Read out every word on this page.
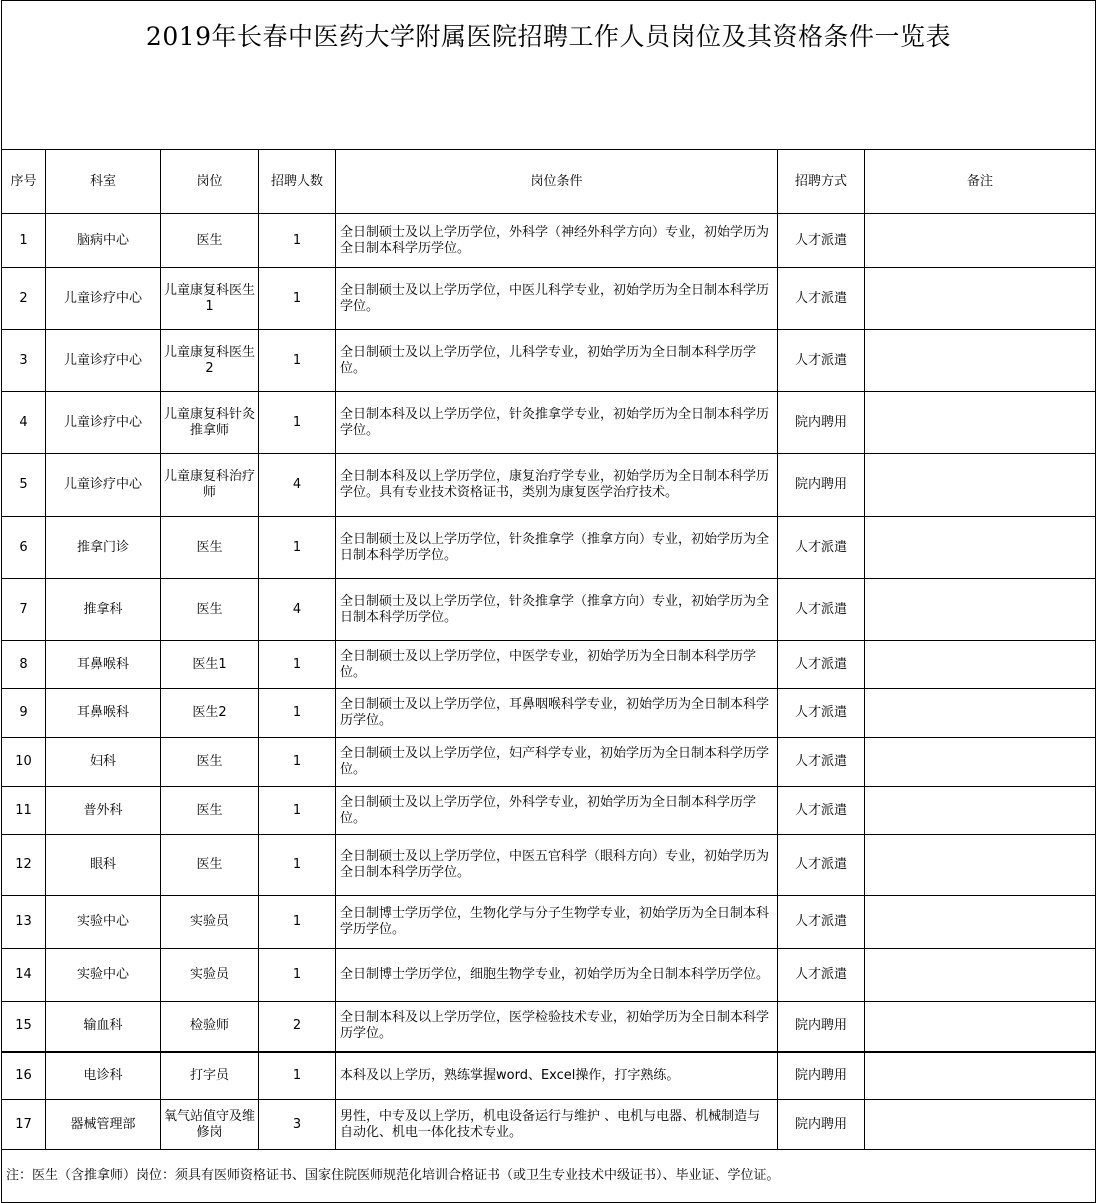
2019年长春中医药大学附属医院招聘工作人员岗位及其资格条件一览表						
序号	科室	岗位	招聘人数	岗位条件	招聘方式	备注
1	脑病中心	医生	1	全日制硕士及以上学历学位，外科学（神经外科学方向）专业，初始学历为全日制本科学历学位。	人才派遣	
2	儿童诊疗中心	儿童康复科医生1	1	全日制硕士及以上学历学位，中医儿科学专业，初始学历为全日制本科学历学位。	人才派遣	
3	儿童诊疗中心	儿童康复科医生2	1	全日制硕士及以上学历学位，儿科学专业，初始学历为全日制本科学历学位。	人才派遣	
4	儿童诊疗中心	儿童康复科针灸推拿师	1	全日制本科及以上学历学位，针灸推拿学专业，初始学历为全日制本科学历学位。	院内聘用	
5	儿童诊疗中心	儿童康复科治疗师	4	全日制本科及以上学历学位，康复治疗学专业，初始学历为全日制本科学历学位。具有专业技术资格证书，类别为康复医学治疗技术。	院内聘用	
6	推拿门诊	医生	1	全日制硕士及以上学历学位，针灸推拿学（推拿方向）专业，初始学历为全日制本科学历学位。	人才派遣	
7	推拿科	医生	4	全日制硕士及以上学历学位，针灸推拿学（推拿方向）专业，初始学历为全日制本科学历学位。	人才派遣	
8	耳鼻喉科	医生1	1	全日制硕士及以上学历学位，中医学专业，初始学历为全日制本科学历学位。	人才派遣	
9	耳鼻喉科	医生2	1	全日制硕士及以上学历学位，耳鼻咽喉科学专业，初始学历为全日制本科学历学位。	人才派遣	
10	妇科	医生	1	全日制硕士及以上学历学位，妇产科学专业，初始学历为全日制本科学历学位。	人才派遣	
11	普外科	医生	1	全日制硕士及以上学历学位，外科学专业，初始学历为全日制本科学历学位。	人才派遣	
12	眼科	医生	1	全日制硕士及以上学历学位，中医五官科学（眼科方向）专业，初始学历为全日制本科学历学位。	人才派遣	
13	实验中心	实验员	1	全日制博士学历学位，生物化学与分子生物学专业，初始学历为全日制本科学历学位。	人才派遣	
14	实验中心	实验员	1	全日制博士学历学位，细胞生物学专业，初始学历为全日制本科学历学位。	人才派遣	
15	输血科	检验师	2	全日制本科及以上学历学位，医学检验技术专业，初始学历为全日制本科学历学位。	院内聘用	
16	电诊科	打字员	1	本科及以上学历，熟练掌握word、Excel操作，打字熟练。	院内聘用	
17	器械管理部	氧气站值守及维修岗	3	男性，中专及以上学历，机电设备运行与维护 、电机与电器、机械制造与自动化、机电一体化技术专业。	院内聘用	
注：医生（含推拿师）岗位：须具有医师资格证书、国家住院医师规范化培训合格证书（或卫生专业技术中级证书）、毕业证、学位证。						
